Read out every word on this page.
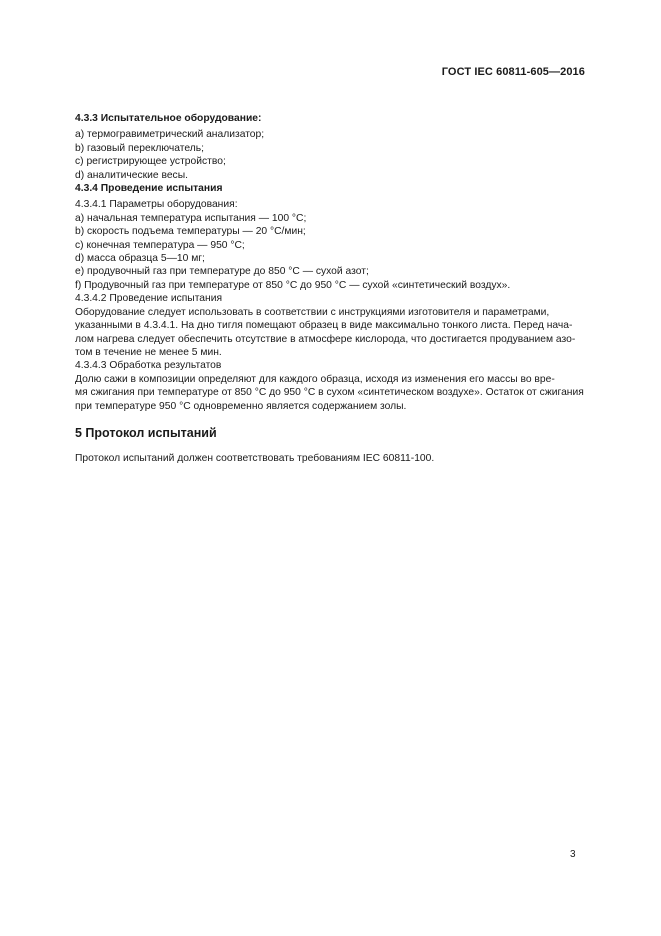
ГОСТ IEC 60811-605—2016
4.3.3 Испытательное оборудование:
а) термогравиметрический анализатор;
b) газовый переключатель;
с) регистрирующее устройство;
d) аналитические весы.
4.3.4 Проведение испытания
4.3.4.1 Параметры оборудования:
а) начальная температура испытания — 100 °С;
b) скорость подъема температуры — 20 °С/мин;
с) конечная температура — 950 °С;
d) масса образца 5—10 мг;
е) продувочный газ при температуре до 850 °С — сухой азот;
f) Продувочный газ при температуре от 850 °С до 950 °С — сухой «синтетический воздух».
4.3.4.2 Проведение испытания
Оборудование следует использовать в соответствии с инструкциями изготовителя и параметрами,
указанными в 4.3.4.1. На дно тигля помещают образец в виде максимально тонкого листа. Перед нача-
лом нагрева следует обеспечить отсутствие в атмосфере кислорода, что достигается продуванием азо-
том в течение не менее 5 мин.
4.3.4.3 Обработка результатов
Долю сажи в композиции определяют для каждого образца, исходя из изменения его массы во вре-
мя сжигания при температуре от 850 °С до 950 °С в сухом «синтетическом воздухе». Остаток от сжигания
при температуре 950 °С одновременно является содержанием золы.
5 Протокол испытаний
Протокол испытаний должен соответствовать требованиям IEC 60811-100.
3
